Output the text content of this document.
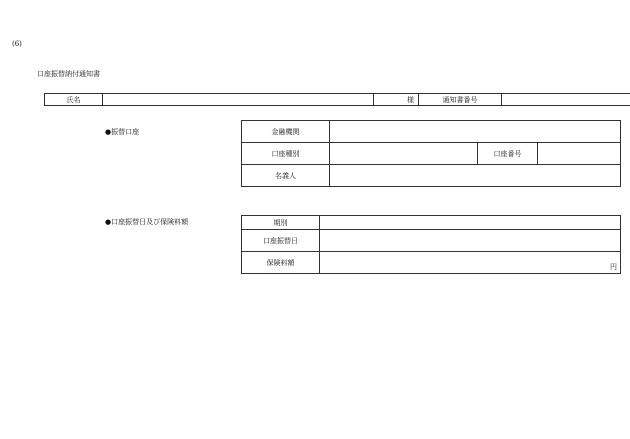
(6)
口座振替納付通知書
氏名		様	通知書番号	
●振替口座	金融機関			
口座種別		口座番号	
名義人			
●口座振替日及び保険料額	期別	
口座振替日	
保険料額	円
